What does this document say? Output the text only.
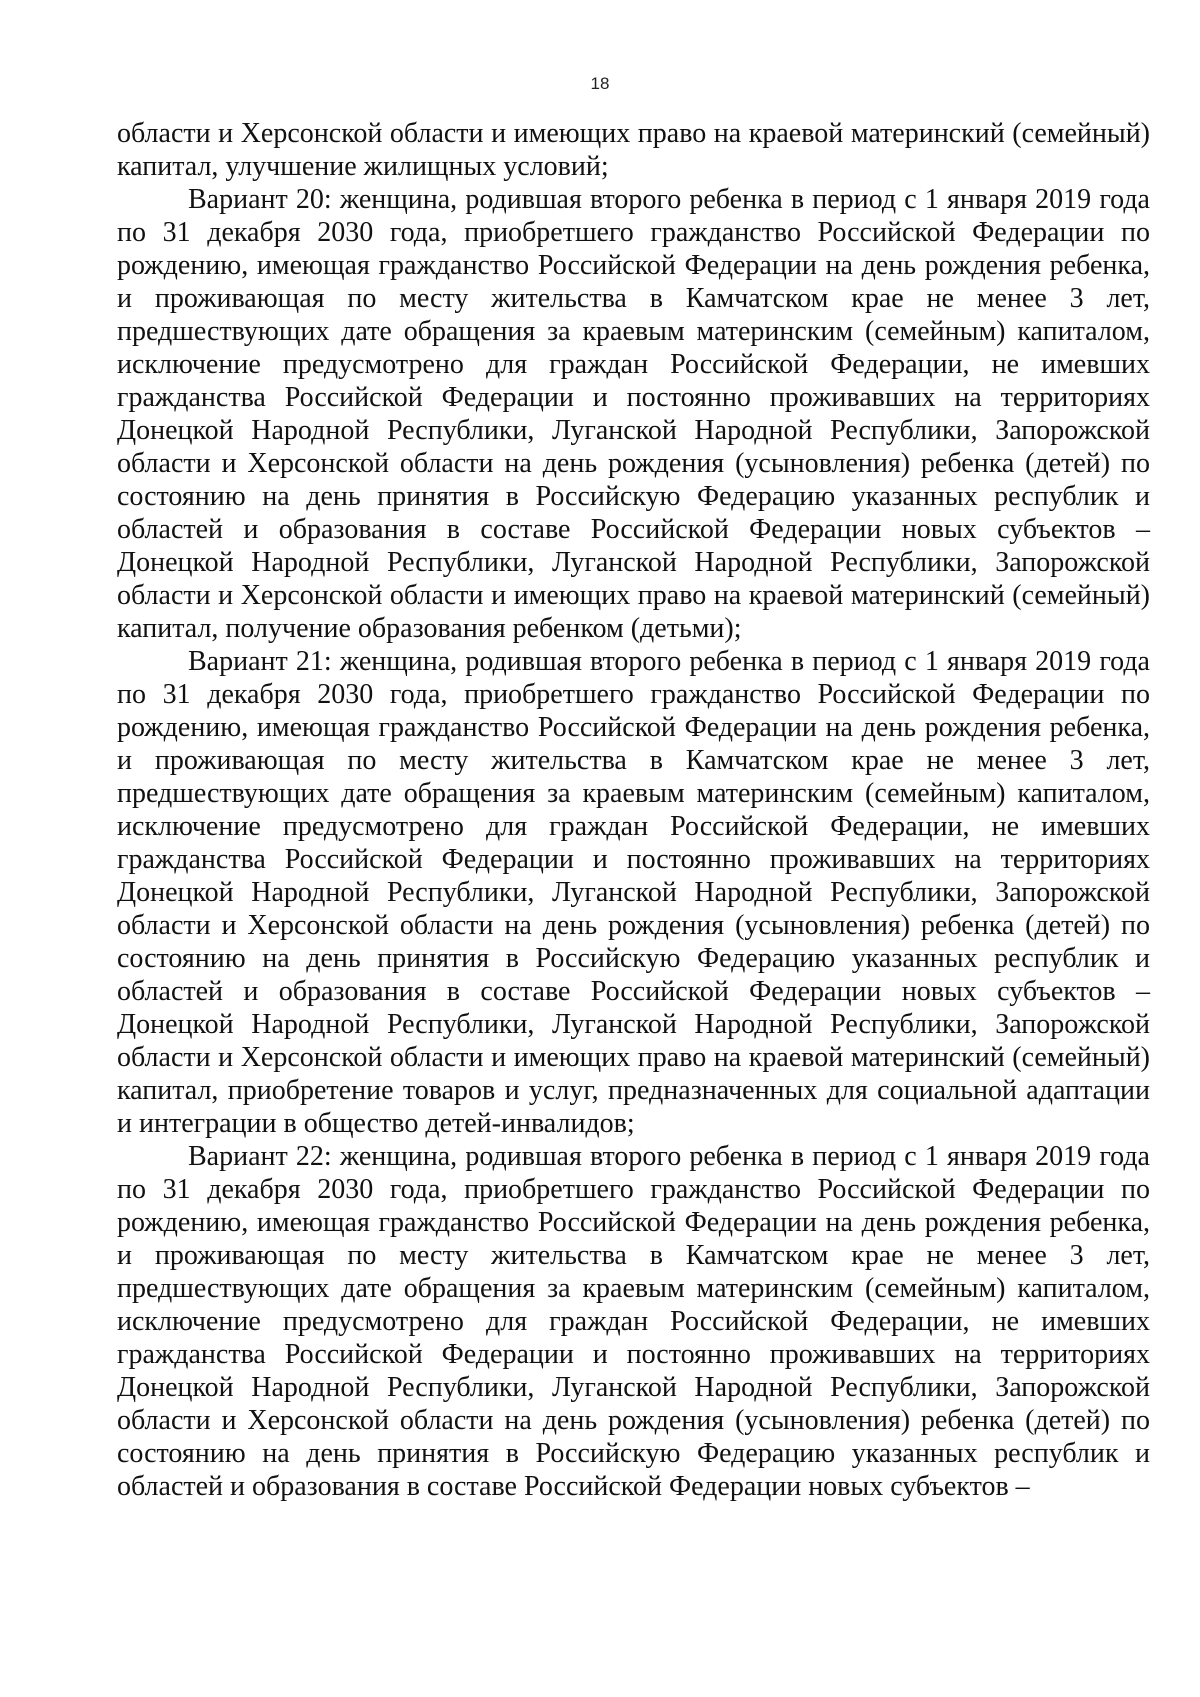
18

области и Херсонской области и имеющих право на краевой материнский (семейный) капитал, улучшение жилищных условий;

Вариант 20: женщина, родившая второго ребенка в период с 1 января 2019 года по 31 декабря 2030 года, приобретшего гражданство Российской Федерации по рождению, имеющая гражданство Российской Федерации на день рождения ребенка, и проживающая по месту жительства в Камчатском крае не менее 3 лет, предшествующих дате обращения за краевым материнским (семейным) капиталом, исключение предусмотрено для граждан Российской Федерации, не имевших гражданства Российской Федерации и постоянно проживавших на территориях Донецкой Народной Республики, Луганской Народной Республики, Запорожской области и Херсонской области на день рождения (усыновления) ребенка (детей) по состоянию на день принятия в Российскую Федерацию указанных республик и областей и образования в составе Российской Федерации новых субъектов – Донецкой Народной Республики, Луганской Народной Республики, Запорожской области и Херсонской области и имеющих право на краевой материнский (семейный) капитал, получение образования ребенком (детьми);

Вариант 21: женщина, родившая второго ребенка в период с 1 января 2019 года по 31 декабря 2030 года, приобретшего гражданство Российской Федерации по рождению, имеющая гражданство Российской Федерации на день рождения ребенка, и проживающая по месту жительства в Камчатском крае не менее 3 лет, предшествующих дате обращения за краевым материнским (семейным) капиталом, исключение предусмотрено для граждан Российской Федерации, не имевших гражданства Российской Федерации и постоянно проживавших на территориях Донецкой Народной Республики, Луганской Народной Республики, Запорожской области и Херсонской области на день рождения (усыновления) ребенка (детей) по состоянию на день принятия в Российскую Федерацию указанных республик и областей и образования в составе Российской Федерации новых субъектов – Донецкой Народной Республики, Луганской Народной Республики, Запорожской области и Херсонской области и имеющих право на краевой материнский (семейный) капитал, приобретение товаров и услуг, предназначенных для социальной адаптации и интеграции в общество детей-инвалидов;

Вариант 22: женщина, родившая второго ребенка в период с 1 января 2019 года по 31 декабря 2030 года, приобретшего гражданство Российской Федерации по рождению, имеющая гражданство Российской Федерации на день рождения ребенка, и проживающая по месту жительства в Камчатском крае не менее 3 лет, предшествующих дате обращения за краевым материнским (семейным) капиталом, исключение предусмотрено для граждан Российской Федерации, не имевших гражданства Российской Федерации и постоянно проживавших на территориях Донецкой Народной Республики, Луганской Народной Республики, Запорожской области и Херсонской области на день рождения (усыновления) ребенка (детей) по состоянию на день принятия в Российскую Федерацию указанных республик и областей и образования в составе Российской Федерации новых субъектов –
